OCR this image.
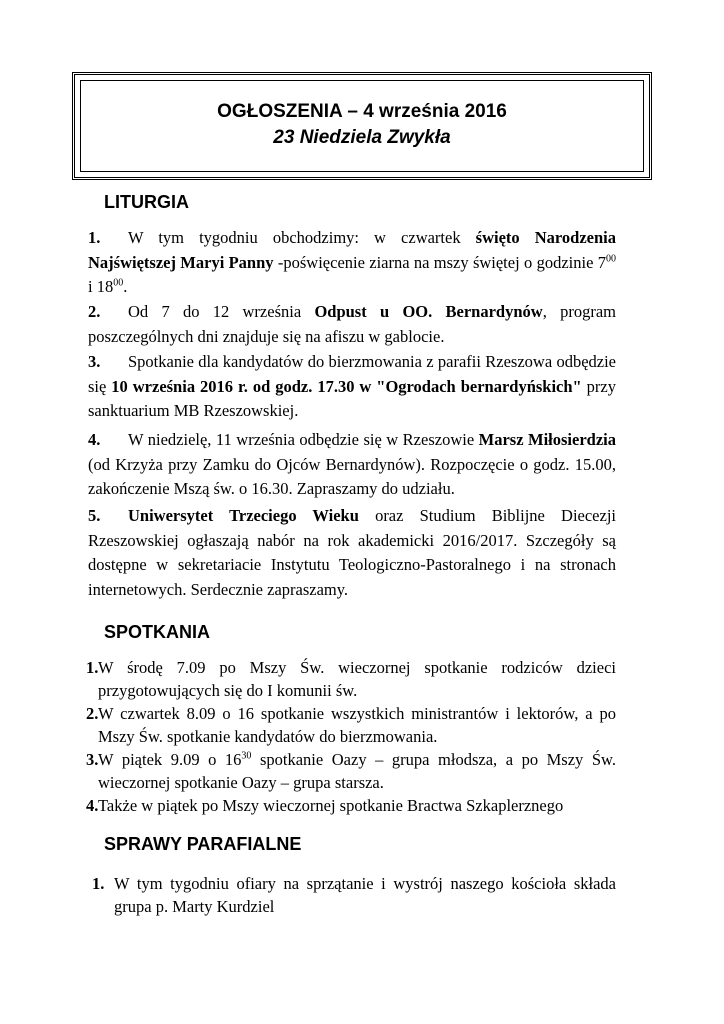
OGŁOSZENIA – 4 września 2016
23 Niedziela Zwykła
LITURGIA

1. W tym tygodniu obchodzimy: w czwartek święto Narodzenia Najświętszej Maryi Panny -poświęcenie ziarna na mszy świętej o godzinie $7^{00}$ i $18^{00}$.

2. Od 7 do 12 września Odpust u OO. Bernardynów, program poszczególnych dni znajduje się na afiszu w gablocie.

3. Spotkanie dla kandydatów do bierzmowania z parafii Rzeszowa odbędzie się 10 września 2016 r. od godz. 17.30 w "Ogrodach bernardyńskich" przy sanktuarium MB Rzeszowskiej.

4. W niedzielę, 11 września odbędzie się w Rzeszowie Marsz Miłosierdzia (od Krzyża przy Zamku do Ojców Bernardynów). Rozpoczęcie o godz. 15.00, zakończenie Mszą św. o 16.30. Zapraszamy do udziału.

5. Uniwersytet Trzeciego Wieku oraz Studium Biblijne Diecezji Rzeszowskiej ogłaszają nabór na rok akademicki 2016/2017. Szczegóły są dostępne w sekretariacie Instytutu Teologiczno-Pastoralnego i na stronach internetowych. Serdecznie zapraszamy.

SPOTKANIA
1. W środę 7.09 po Mszy Św. wieczornej spotkanie rodziców dzieci przygotowujących się do I komunii św.
2. W czwartek 8.09 o 16 spotkanie wszystkich ministrantów i lektorów, a po Mszy Św. spotkanie kandydatów do bierzmowania.
3. W piątek 9.09 o $16^{30}$ spotkanie Oazy – grupa młodsza, a po Mszy Św. wieczornej spotkanie Oazy – grupa starsza.
4. Także w piątek po Mszy wieczornej spotkanie Bractwa Szkaplerznego
SPRAWY PARAFIALNE
1. W tym tygodniu ofiary na sprzątanie i wystrój naszego kościoła składa grupa p. Marty Kurdziel
